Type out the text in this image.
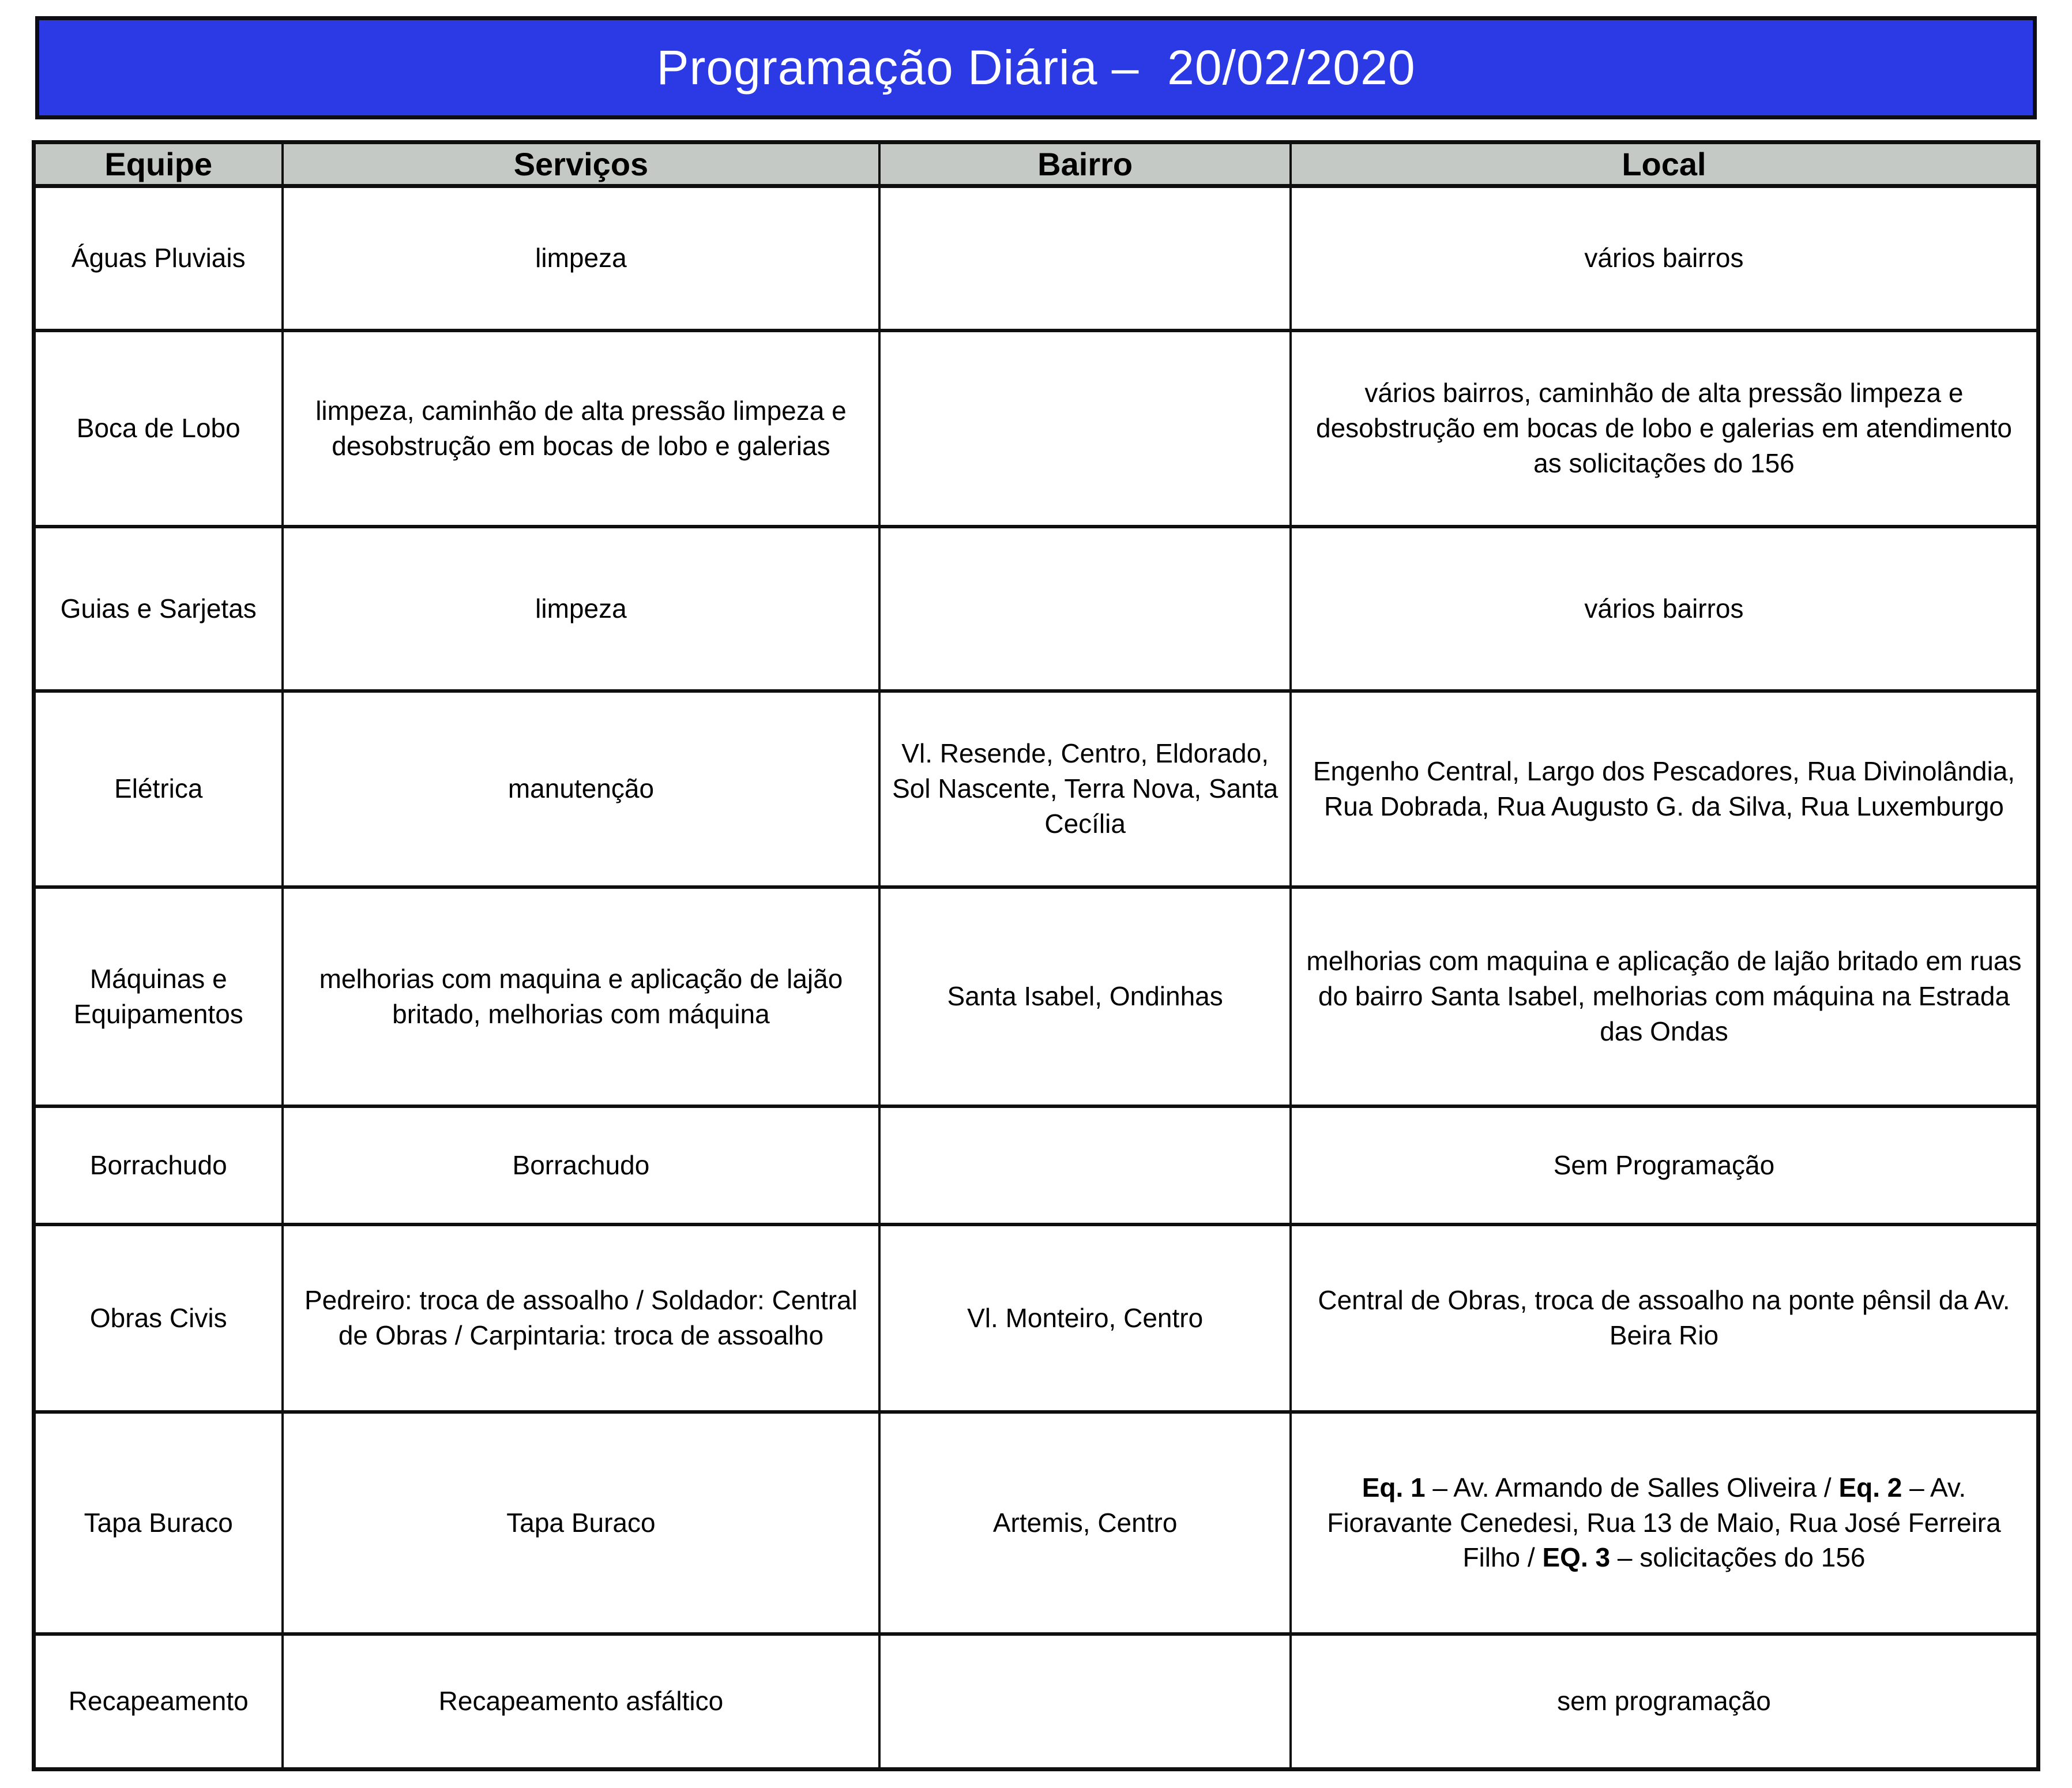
Programação Diária –  20/02/2020
Equipe	Serviços	Bairro	Local
Águas Pluviais	limpeza		vários bairros
Boca de Lobo	limpeza, caminhão de alta pressão limpeza e desobstrução em bocas de lobo e galerias		vários bairros, caminhão de alta pressão limpeza e desobstrução em bocas de lobo e galerias em atendimento as solicitações do 156
Guias e Sarjetas	limpeza		vários bairros
Elétrica	manutenção	Vl. Resende, Centro, Eldorado, Sol Nascente, Terra Nova, Santa Cecília	Engenho Central, Largo dos Pescadores, Rua Divinolândia, Rua Dobrada, Rua Augusto G. da Silva, Rua Luxemburgo
Máquinas e Equipamentos	melhorias com maquina e aplicação de lajão britado, melhorias com máquina	Santa Isabel, Ondinhas	melhorias com maquina e aplicação de lajão britado em ruas do bairro Santa Isabel, melhorias com máquina na Estrada das Ondas
Borrachudo	Borrachudo		Sem Programação
Obras Civis	Pedreiro: troca de assoalho / Soldador: Central de Obras / Carpintaria: troca de assoalho	Vl. Monteiro, Centro	Central de Obras, troca de assoalho na ponte pênsil da Av. Beira Rio
Tapa Buraco	Tapa Buraco	Artemis, Centro	Eq. 1 – Av. Armando de Salles Oliveira / Eq. 2 – Av. Fioravante Cenedesi, Rua 13 de Maio, Rua José Ferreira Filho / EQ. 3 – solicitações do 156
Recapeamento	Recapeamento asfáltico		sem programação
